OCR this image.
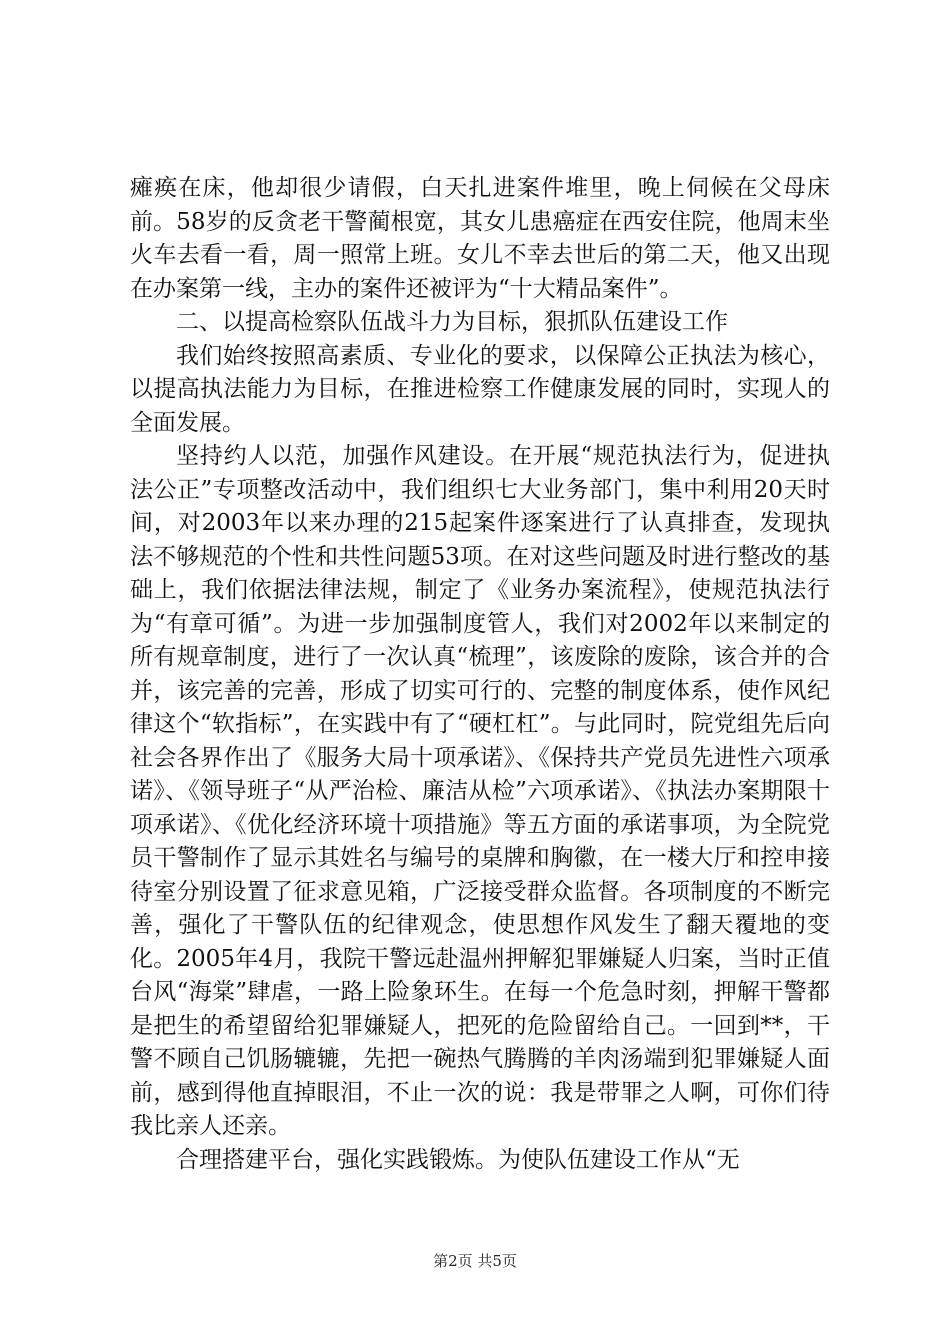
瘫痪在床，他却很少请假，白天扎进案件堆里，晚上伺候在父母床前。58岁的反贪老干警蔺根宽，其女儿患癌症在西安住院，他周末坐火车去看一看，周一照常上班。女儿不幸去世后的第二天，他又出现在办案第一线，主办的案件还被评为“十大精品案件”。

二、以提高检察队伍战斗力为目标，狠抓队伍建设工作

我们始终按照高素质、专业化的要求，以保障公正执法为核心，以提高执法能力为目标，在推进检察工作健康发展的同时，实现人的全面发展。

坚持约人以范，加强作风建设。在开展“规范执法行为，促进执法公正”专项整改活动中，我们组织七大业务部门，集中利用20天时间，对2003年以来办理的215起案件逐案进行了认真排查，发现执法不够规范的个性和共性问题53项。在对这些问题及时进行整改的基础上，我们依据法律法规，制定了《业务办案流程》，使规范执法行为“有章可循”。为进一步加强制度管人，我们对2002年以来制定的所有规章制度，进行了一次认真“梳理”，该废除的废除，该合并的合并，该完善的完善，形成了切实可行的、完整的制度体系，使作风纪律这个“软指标”，在实践中有了“硬杠杠”。与此同时，院党组先后向社会各界作出了《服务大局十项承诺》、《保持共产党员先进性六项承诺》、《领导班子“从严治检、廉洁从检”六项承诺》、《执法办案期限十项承诺》、《优化经济环境十项措施》等五方面的承诺事项，为全院党员干警制作了显示其姓名与编号的桌牌和胸徽，在一楼大厅和控申接待室分别设置了征求意见箱，广泛接受群众监督。各项制度的不断完善，强化了干警队伍的纪律观念，使思想作风发生了翻天覆地的变化。2005年4月，我院干警远赴温州押解犯罪嫌疑人归案，当时正值台风“海棠”肆虐，一路上险象环生。在每一个危急时刻，押解干警都是把生的希望留给犯罪嫌疑人，把死的危险留给自己。一回到**，干警不顾自己饥肠辘辘，先把一碗热气腾腾的羊肉汤端到犯罪嫌疑人面前，感到得他直掉眼泪，不止一次的说：我是带罪之人啊，可你们待我比亲人还亲。

合理搭建平台，强化实践锻炼。为使队伍建设工作从“无

第2页 共5页
